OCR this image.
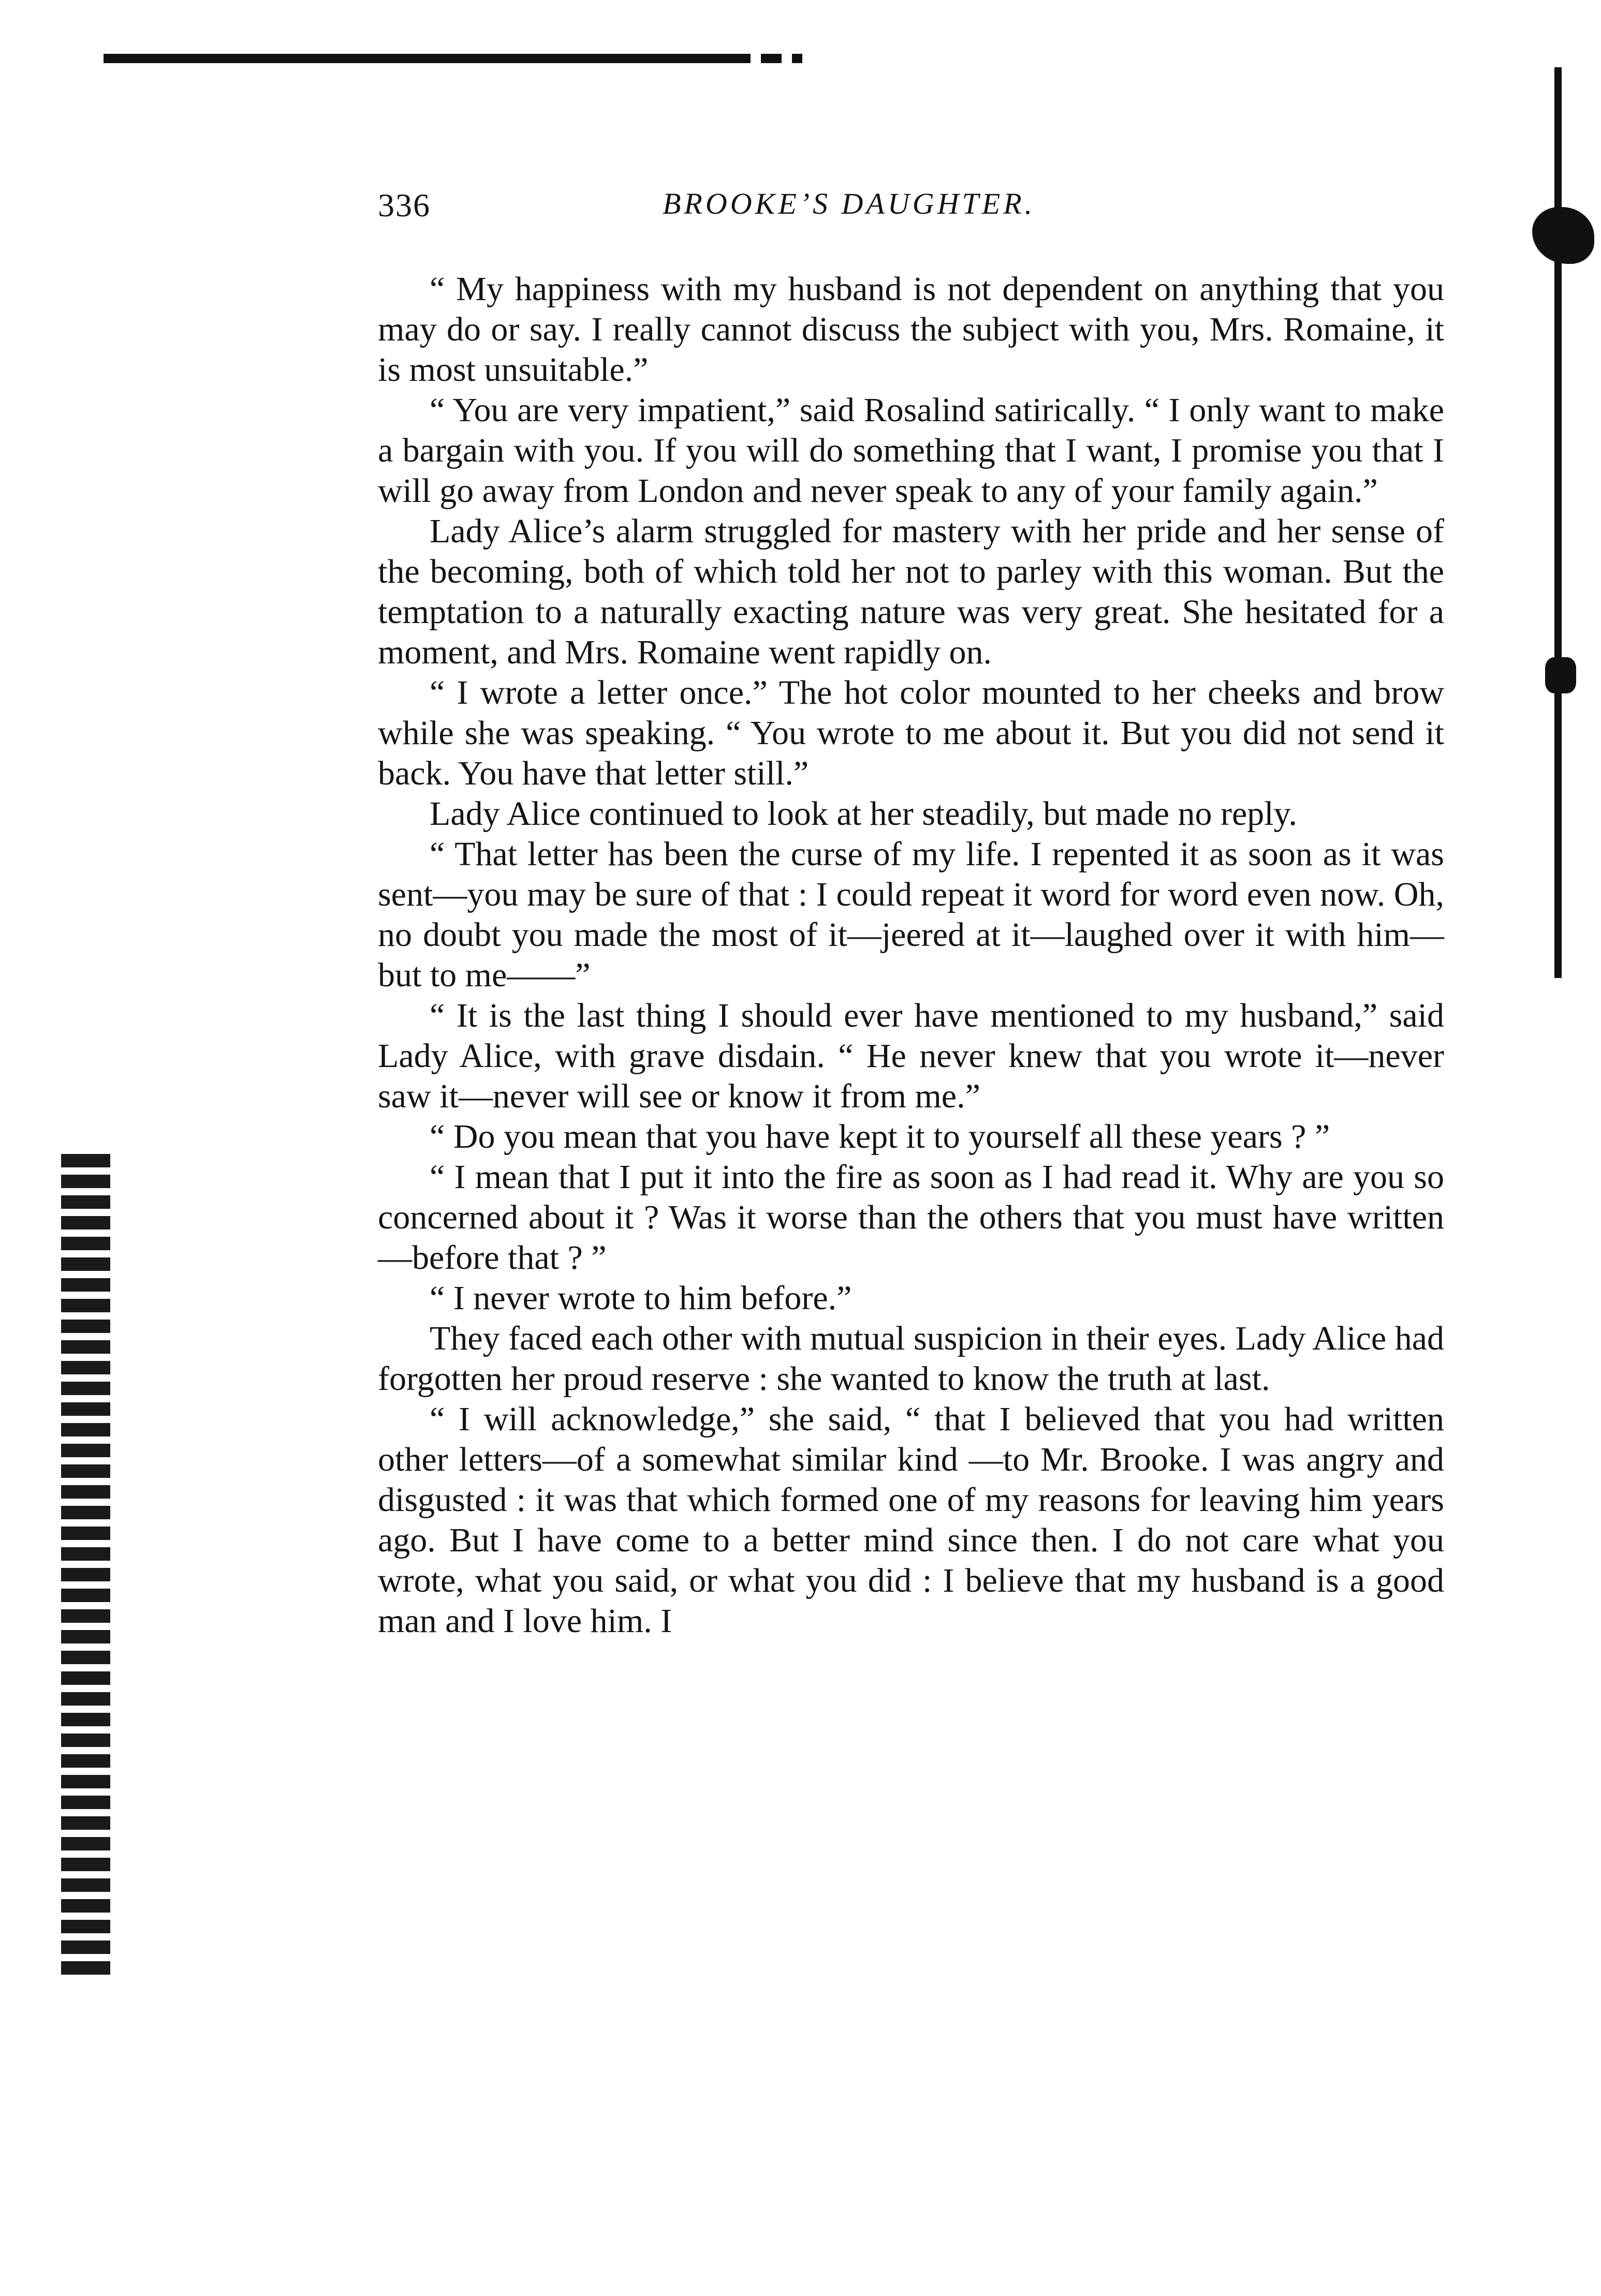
336	BROOKE’S DAUGHTER.

“ My happiness with my husband is not dependent on anything that you may do or say. I really cannot discuss the subject with you, Mrs. Romaine, it is most unsuitable.”

“ You are very impatient,” said Rosalind satirically. “ I only want to make a bargain with you. If you will do something that I want, I promise you that I will go away from London and never speak to any of your family again.”

Lady Alice’s alarm struggled for mastery with her pride and her sense of the becoming, both of which told her not to parley with this woman. But the temptation to a naturally exacting nature was very great. She hesitated for a moment, and Mrs. Romaine went rapidly on.

“ I wrote a letter once.” The hot color mounted to her cheeks and brow while she was speaking. “ You wrote to me about it. But you did not send it back. You have that letter still.”

Lady Alice continued to look at her steadily, but made no reply.

“ That letter has been the curse of my life. I repented it as soon as it was sent—you may be sure of that : I could repeat it word for word even now. Oh, no doubt you made the most of it—jeered at it—laughed over it with him— but to me——”

“ It is the last thing I should ever have mentioned to my husband,” said Lady Alice, with grave disdain. “ He never knew that you wrote it—never saw it—never will see or know it from me.”

“ Do you mean that you have kept it to yourself all these years ? ”

“ I mean that I put it into the fire as soon as I had read it. Why are you so concerned about it ? Was it worse than the others that you must have written—before that ? ”

“ I never wrote to him before.”

They faced each other with mutual suspicion in their eyes. Lady Alice had forgotten her proud reserve : she wanted to know the truth at last.

“ I will acknowledge,” she said, “ that I believed that you had written other letters—of a somewhat similar kind —to Mr. Brooke. I was angry and disgusted : it was that which formed one of my reasons for leaving him years ago. But I have come to a better mind since then. I do not care what you wrote, what you said, or what you did : I believe that my husband is a good man and I love him. I
